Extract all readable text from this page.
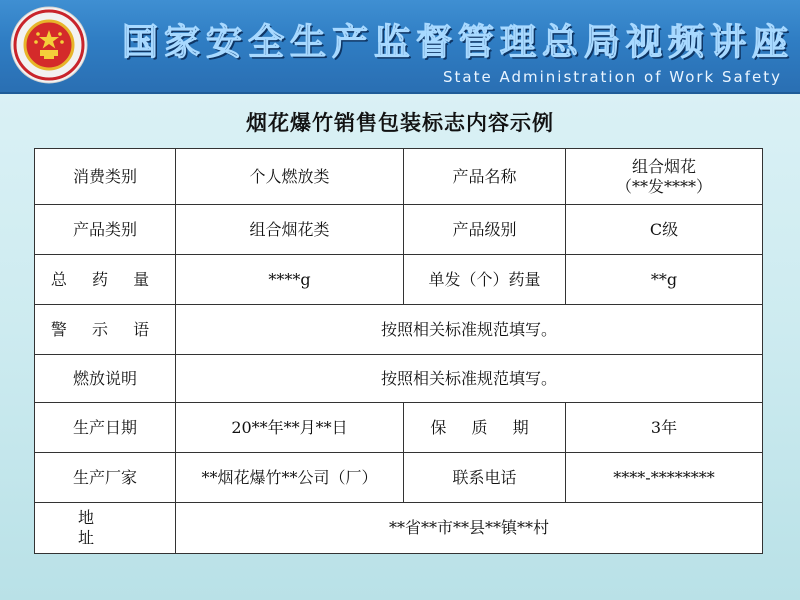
国家安全生产监督管理总局视频讲座
State Administration of Work Safety
烟花爆竹销售包装标志内容示例
消费类别	个人燃放类	产品名称	组合烟花
（**发****）

产品类别	组合烟花类	产品级别	C级
总 药 量	****g	单发（个）药量	**g
警 示 语	按照相关标准规范填写。		
燃放说明	按照相关标准规范填写。		
生产日期	20**年**月**日	保 质 期	3年
生产厂家	**烟花爆竹**公司（厂）	联系电话	****-********
地 址	**省**市**县**镇**村		
